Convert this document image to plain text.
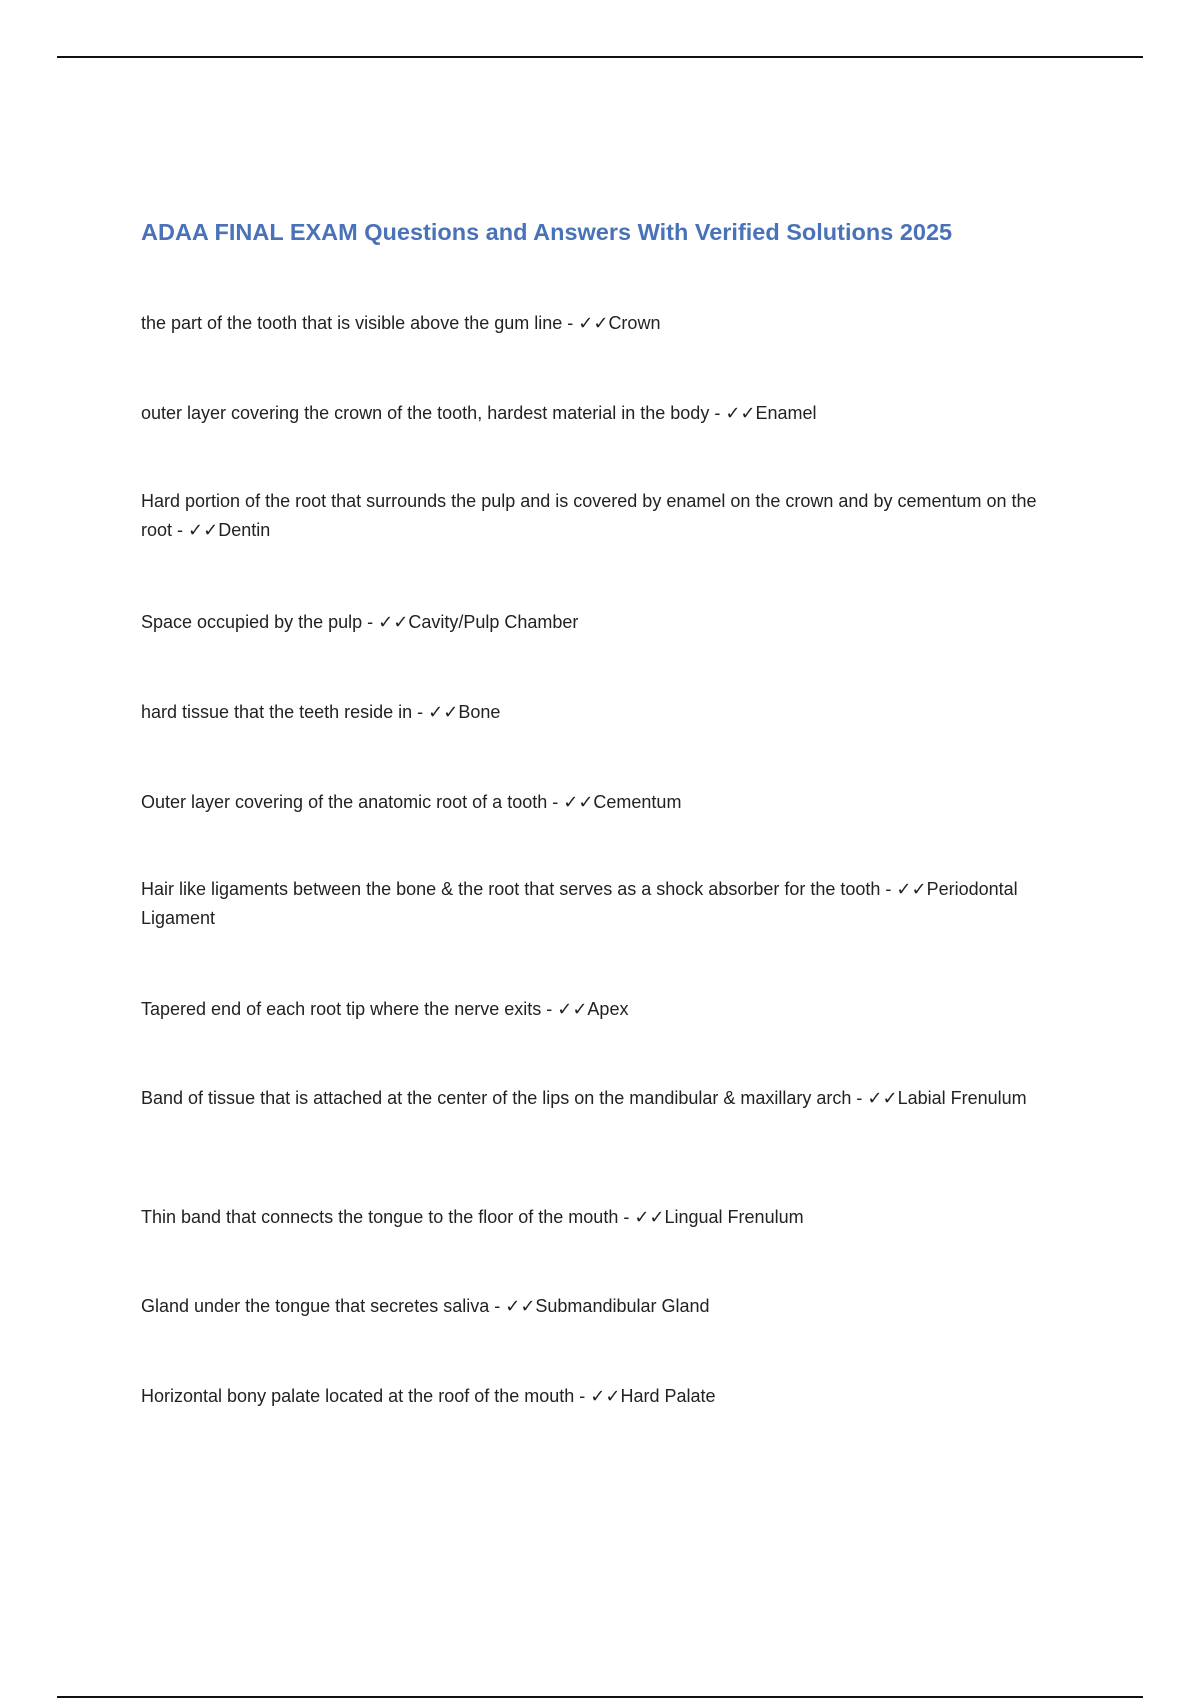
ADAA FINAL EXAM Questions and Answers With Verified Solutions 2025

the part of the tooth that is visible above the gum line - ✓✓Crown

outer layer covering the crown of the tooth, hardest material in the body - ✓✓Enamel

Hard portion of the root that surrounds the pulp and is covered by enamel on the crown and by cementum on the root - ✓✓Dentin

Space occupied by the pulp - ✓✓Cavity/Pulp Chamber

hard tissue that the teeth reside in - ✓✓Bone

Outer layer covering of the anatomic root of a tooth - ✓✓Cementum

Hair like ligaments between the bone & the root that serves as a shock absorber for the tooth - ✓✓Periodontal Ligament

Tapered end of each root tip where the nerve exits - ✓✓Apex

Band of tissue that is attached at the center of the lips on the mandibular & maxillary arch - ✓✓Labial Frenulum

Thin band that connects the tongue to the floor of the mouth - ✓✓Lingual Frenulum

Gland under the tongue that secretes saliva - ✓✓Submandibular Gland

Horizontal bony palate located at the roof of the mouth - ✓✓Hard Palate
